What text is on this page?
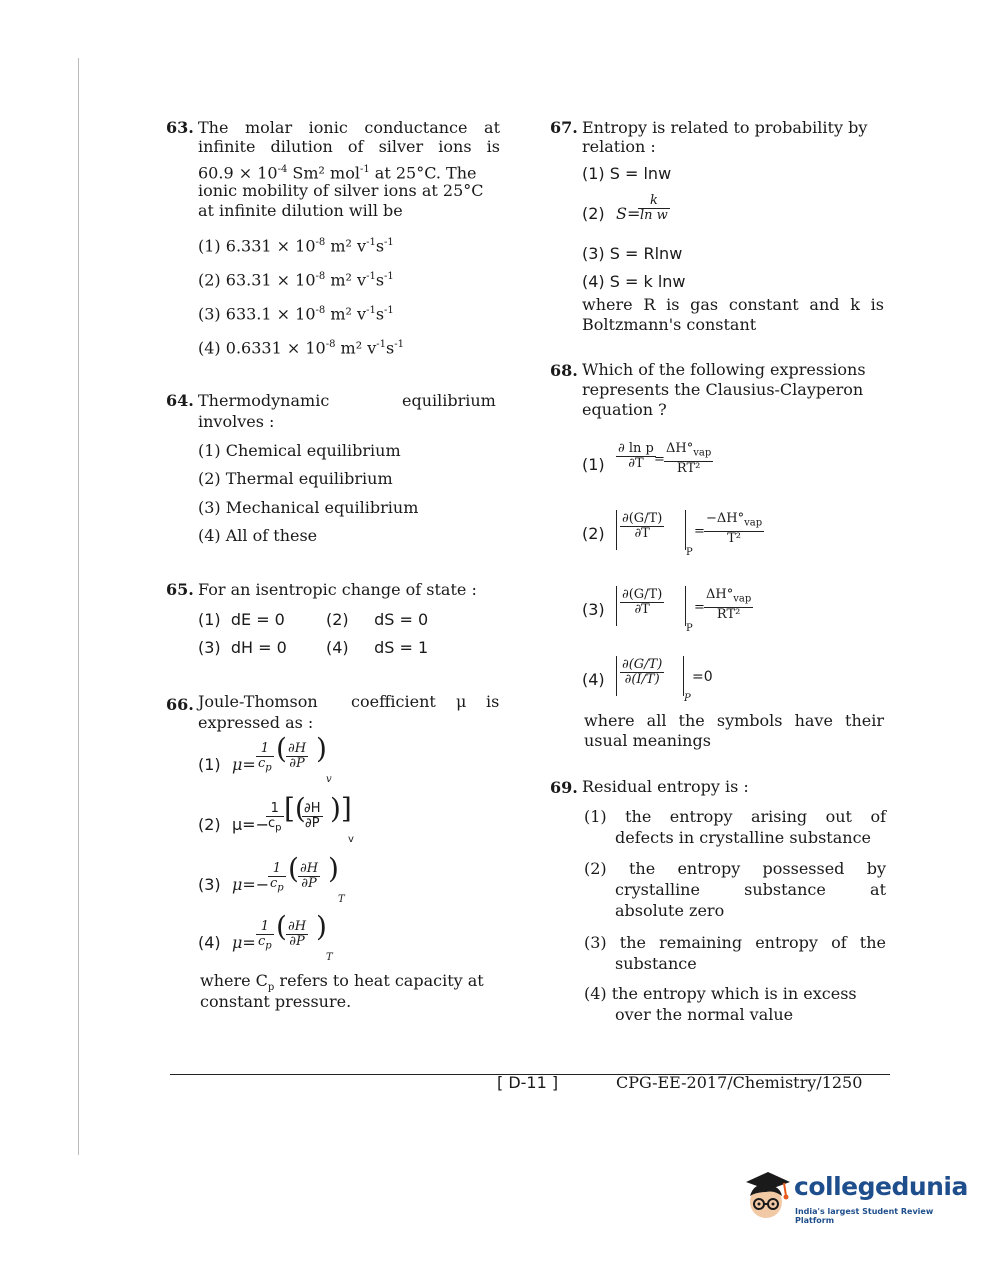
63. The molar ionic conductance at
infinite dilution of silver ions is
$60.9 \times 10^{-4}$ Sm² mol$^{-1}$ at 25°C. The
ionic mobility of silver ions at 25°C
at infinite dilution will be
(1) $6.331 \times 10^{-8}$ m² $v^{-1}s^{-1}$
(2) $63.31 \times 10^{-8}$ m² $v^{-1}s^{-1}$
(3) $633.1 \times 10^{-8}$ m² $v^{-1}s^{-1}$
(4) $0.6331 \times 10^{-8}$ m² $v^{-1}s^{-1}$
64. Thermodynamic	equilibrium
involves :
(1) Chemical equilibrium
(2) Thermal equilibrium
(3) Mechanical equilibrium
(4) All of these
65. For an isentropic change of state :
(1)  dE = 0	(2)     dS = 0
(3)  dH = 0 (4)     dS = 1
66. Joule-Thomson coefficient μ is
expressed as :
(1) $\mu= \frac{1}{c_p}$ ( $\frac{\partial H}{\partial P}$ )
v
(2) μ=−
$\frac{1}{c_p}$ [(
$\frac{\partial H}{\partial P}$ )]
v
(3) μ=−
$\frac{1}{c_p}$ ( $\frac{\partial H}{\partial P}$ )
T
(4) $\mu= \frac{1}{c_p}$ ( $\frac{\partial H}{\partial P}$ )
T
where $C_p$ refers to heat capacity at
constant pressure.
67. Entropy is related to probability by
relation :
(1) S = lnw
(2) S=
$\frac{k}{\text{ln w}}$
(3) S = Rlnw
(4) S = k lnw
where R is gas constant and k is
Boltzmann's constant
68. Which of the following expressions
represents the Clausius-Clayperon
equation ?
$(1) \frac{\text{∂ ln p}}{\partial T}$
=
$\Delta H^\circ_{vap}$
RT²
$(2) \frac{\partial(G/T)}{\partial T}$
P
=
$-\Delta H^\circ_{vap}$
T²
$(3) \frac{\partial(G/T)}{\partial T}$
P
=
$\Delta H^\circ_{vap}$
RT²
$(4) \frac{\partial(G/T)}{\partial(I/T)}$
P
=0
where all the symbols have their
usual meanings
69. Residual entropy is :
(1) the entropy arising out of
defects in crystalline substance
(2) the entropy possessed by
crystalline substance at
absolute zero
(3) the remaining entropy of the
substance
(4) the entropy which is in excess
over the normal value
[ D-11 ]	CPG-EE-2017/Chemistry/1250
collegedunia
India's largest Student Review Platform
